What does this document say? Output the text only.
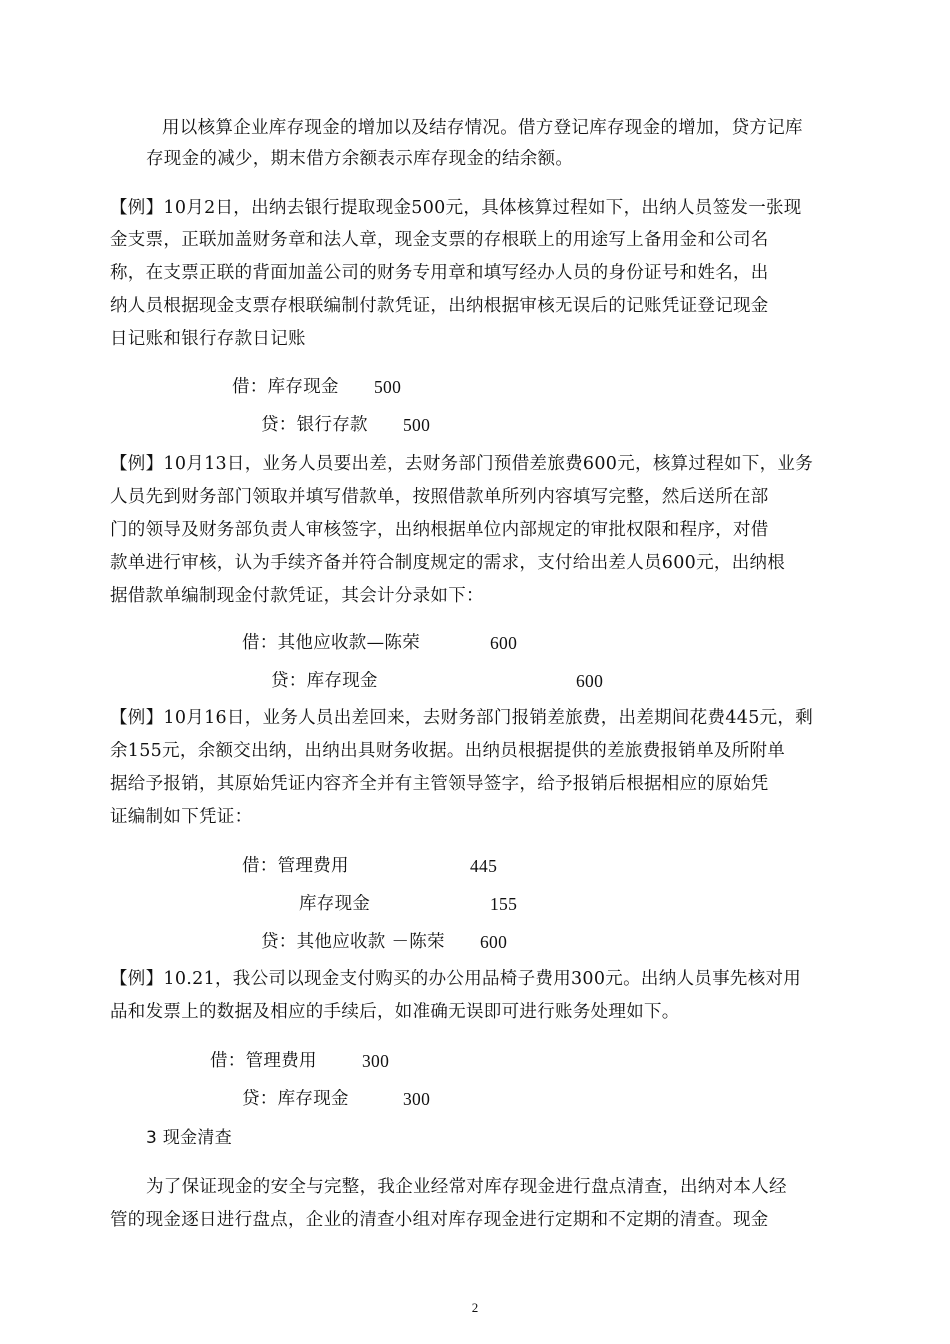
用以核算企业库存现金的增加以及结存情况。借方登记库存现金的增加，贷方记库
存现金的减少，期末借方余额表示库存现金的结余额。
【例】10月2日，出纳去银行提取现金500元，具体核算过程如下，出纳人员签发一张现
金支票，正联加盖财务章和法人章，现金支票的存根联上的用途写上备用金和公司名
称，在支票正联的背面加盖公司的财务专用章和填写经办人员的身份证号和姓名，出
纳人员根据现金支票存根联编制付款凭证，出纳根据审核无误后的记账凭证登记现金
日记账和银行存款日记账
借：库存现金 500
贷：银行存款 500
【例】10月13日，业务人员要出差，去财务部门预借差旅费600元，核算过程如下，业务
人员先到财务部门领取并填写借款单，按照借款单所列内容填写完整，然后送所在部
门的领导及财务部负责人审核签字，出纳根据单位内部规定的审批权限和程序，对借
款单进行审核，认为手续齐备并符合制度规定的需求，支付给出差人员600元，出纳根
据借款单编制现金付款凭证，其会计分录如下：
借：其他应收款—陈荣	600
贷：库存现金	600
【例】10月16日，业务人员出差回来，去财务部门报销差旅费，出差期间花费445元，剩
余155元，余额交出纳，出纳出具财务收据。出纳员根据提供的差旅费报销单及所附单
据给予报销，其原始凭证内容齐全并有主管领导签字，给予报销后根据相应的原始凭
证编制如下凭证：
借：管理费用	445
库存现金	155
贷：其他应收款 －陈荣 600
【例】10.21，我公司以现金支付购买的办公用品椅子费用300元。出纳人员事先核对用
品和发票上的数据及相应的手续后，如准确无误即可进行账务处理如下。
借：管理费用	300
贷：库存现金	300
3 现金清查
为了保证现金的安全与完整，我企业经常对库存现金进行盘点清查，出纳对本人经
管的现金逐日进行盘点，企业的清查小组对库存现金进行定期和不定期的清查。现金
2
